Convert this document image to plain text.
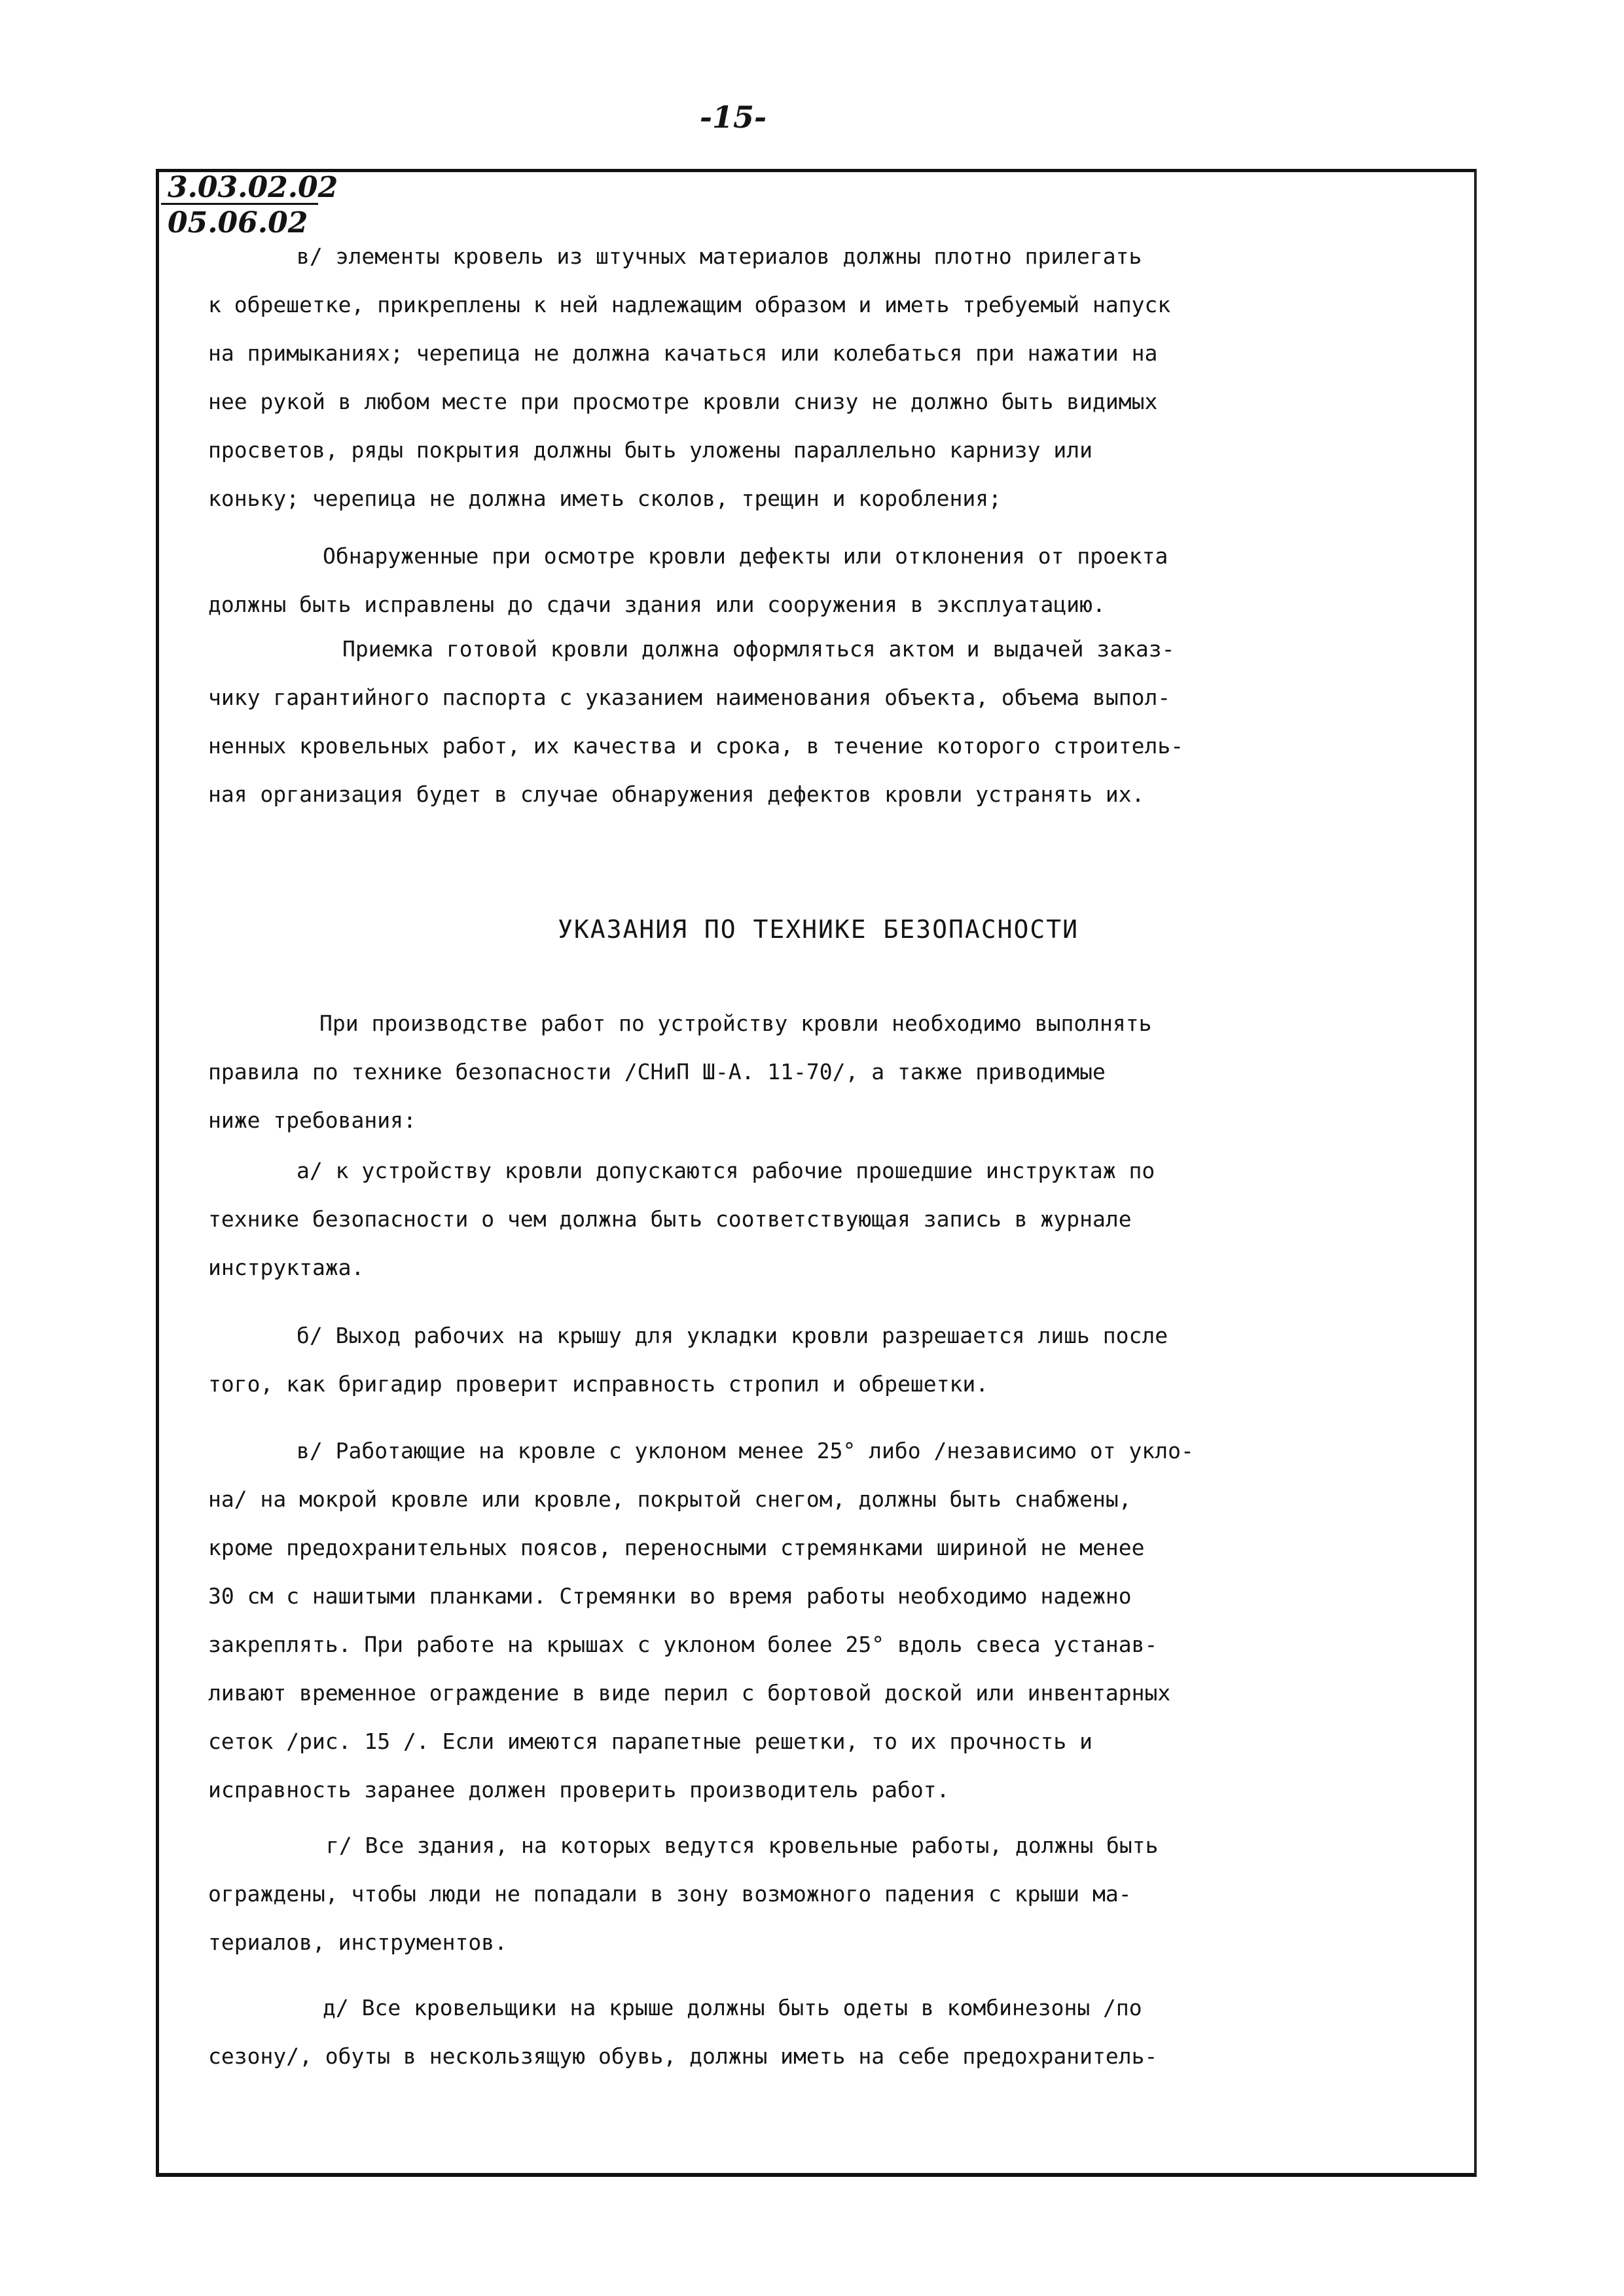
-15-
3.03.02.02
05.06.02
в/ элементы кровель из штучных материалов должны плотно прилегать
к обрешетке, прикреплены к ней надлежащим образом и иметь требуемый напуск
на примыканиях; черепица не должна качаться или колебаться при нажатии на
нее рукой в любом месте при просмотре кровли снизу не должно быть видимых
просветов, ряды покрытия должны быть уложены параллельно карнизу или
коньку; черепица не должна иметь сколов, трещин и коробления;
Обнаруженные при осмотре кровли дефекты или отклонения от проекта
должны быть исправлены до сдачи здания или сооружения в эксплуатацию.
Приемка готовой кровли должна оформляться актом и выдачей заказ-
чику гарантийного паспорта с указанием наименования объекта, объема выпол-
ненных кровельных работ, их качества и срока, в течение которого строитель-
ная организация будет в случае обнаружения дефектов кровли устранять их.
УКАЗАНИЯ ПО ТЕХНИКЕ БЕЗОПАСНОСТИ
При производстве работ по устройству кровли необходимо выполнять
правила по технике безопасности /СНиП Ш-А. 11-70/, а также приводимые
ниже требования:
а/ к устройству кровли допускаются рабочие прошедшие инструктаж по
технике безопасности о чем должна быть соответствующая запись в журнале
инструктажа.
б/ Выход рабочих на крышу для укладки кровли разрешается лишь после
того, как бригадир проверит исправность стропил и обрешетки.
в/ Работающие на кровле с уклоном менее 25° либо /независимо от укло-
на/ на мокрой кровле или кровле, покрытой снегом, должны быть снабжены,
кроме предохранительных поясов, переносными стремянками шириной не менее
30 см с нашитыми планками. Стремянки во время работы необходимо надежно
закреплять. При работе на крышах с уклоном более 25° вдоль свеса устанав-
ливают временное ограждение в виде перил с бортовой доской или инвентарных
сеток /рис. 15 /. Если имеются парапетные решетки, то их прочность и
исправность заранее должен проверить производитель работ.
г/ Все здания, на которых ведутся кровельные работы, должны быть
ограждены, чтобы люди не попадали в зону возможного падения с крыши ма-
териалов, инструментов.
д/ Все кровельщики на крыше должны быть одеты в комбинезоны /по
сезону/, обуты в нескользящую обувь, должны иметь на себе предохранитель-
